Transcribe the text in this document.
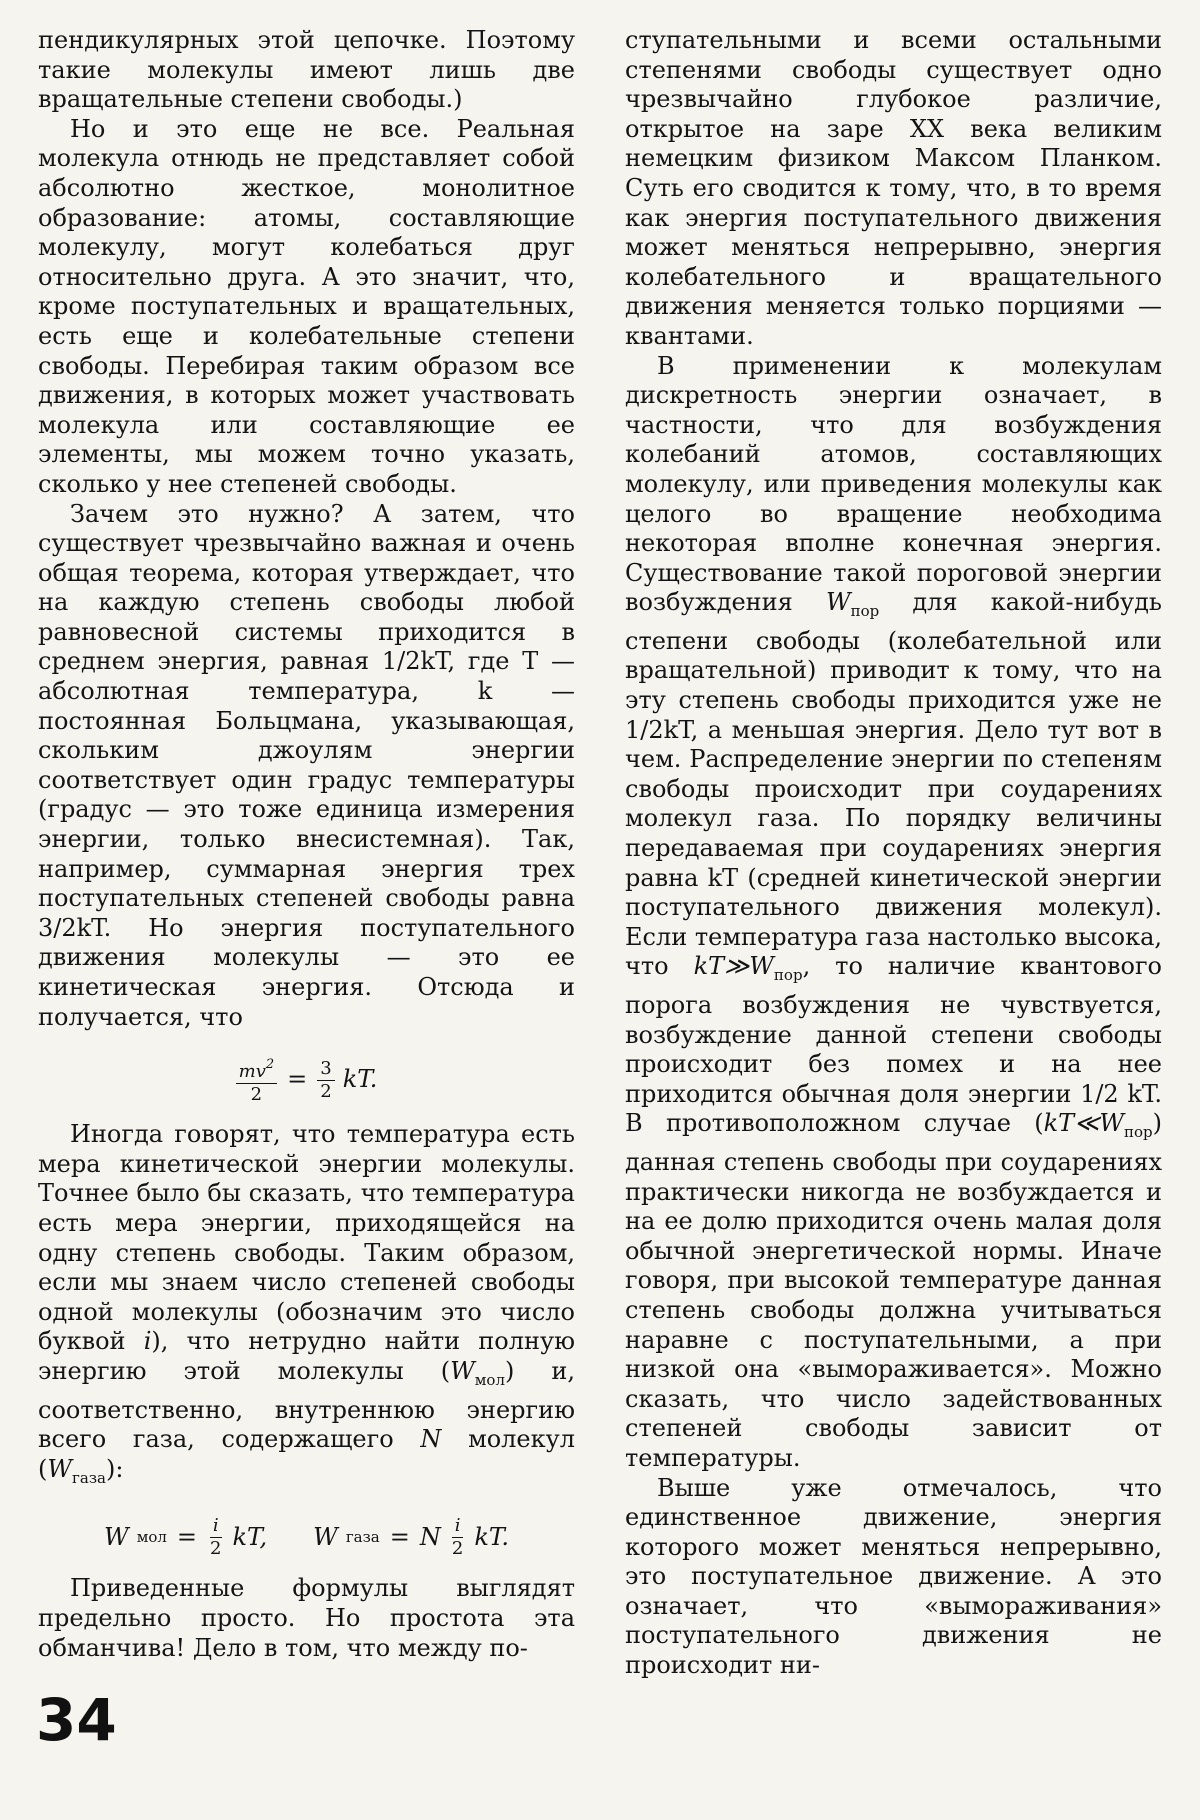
пендикулярных этой цепочке. Поэтому такие молекулы имеют лишь две вращательные степени свободы.)

Но и это еще не все. Реальная молекула отнюдь не представляет собой абсолютно жесткое, монолитное образование: атомы, составляющие молекулу, могут колебаться друг относительно друга. А это значит, что, кроме поступательных и вращательных, есть еще и колебательные степени свободы. Перебирая таким образом все движения, в которых может участвовать молекула или составляющие ее элементы, мы можем точно указать, сколько у нее степеней свободы.

Зачем это нужно? А затем, что существует чрезвычайно важная и очень общая теорема, которая утверждает, что на каждую степень свободы любой равновесной системы приходится в среднем энергия, равная 1/2kT, где T — абсолютная температура, k — постоянная Больцмана, указывающая, скольким джоулям энергии соответствует один градус температуры (градус — это тоже единица измерения энергии, только внесистемная). Так, например, суммарная энергия трех поступательных степеней свободы равна 3/2kT. Но энергия поступательного движения молекулы — это ее кинетическая энергия. Отсюда и получается, что

$\frac{mv^2}{2} = \frac{3}{2}$ kT.

Иногда говорят, что температура есть мера кинетической энергии молекулы. Точнее было бы сказать, что температура есть мера энергии, приходящейся на одну степень свободы. Таким образом, если мы знаем число степеней свободы одной молекулы (обозначим это число буквой i), что нетрудно найти полную энергию этой молекулы $(W_{мол})$ и, соответственно, внутреннюю энергию всего газа, содержащего N молекул $(W_{газа})$:

W мол = $\frac{i}{2}$ kT, W газа = N $\frac{i}{2}$ kT.

Приведенные формулы выглядят предельно просто. Но простота эта обманчива! Дело в том, что между по-

ступательными и всеми остальными степенями свободы существует одно чрезвычайно глубокое различие, открытое на заре XX века великим немецким физиком Максом Планком. Суть его сводится к тому, что, в то время как энергия поступательного движения может меняться непрерывно, энергия колебательного и вращательного движения меняется только порциями — квантами.

В применении к молекулам дискретность энергии означает, в частности, что для возбуждения колебаний атомов, составляющих молекулу, или приведения молекулы как целого во вращение необходима некоторая вполне конечная энергия. Существование такой пороговой энергии возбуждения $W_{пор}$ для какой-нибудь степени свободы (колебательной или вращательной) приводит к тому, что на эту степень свободы приходится уже не 1/2kT, а меньшая энергия. Дело тут вот в чем. Распределение энергии по степеням свободы происходит при соударениях молекул газа. По порядку величины передаваемая при соударениях энергия равна kT (средней кинетической энергии поступательного движения молекул). Если температура газа настолько высока, что $kT≫W_{пор}$, то наличие квантового порога возбуждения не чувствуется, возбуждение данной степени свободы происходит без помех и на нее приходится обычная доля энергии 1/2 kT. В противоположном случае $(kT≪W_{пор})$ данная степень свободы при соударениях практически никогда не возбуждается и на ее долю приходится очень малая доля обычной энергетической нормы. Иначе говоря, при высокой температуре данная степень свободы должна учитываться наравне с поступательными, а при низкой она «вымораживается». Можно сказать, что число задействованных степеней свободы зависит от температуры.

Выше уже отмечалось, что единственное движение, энергия которого может меняться непрерывно, это поступательное движение. А это означает, что «вымораживания» поступательного движения не происходит ни-

34
